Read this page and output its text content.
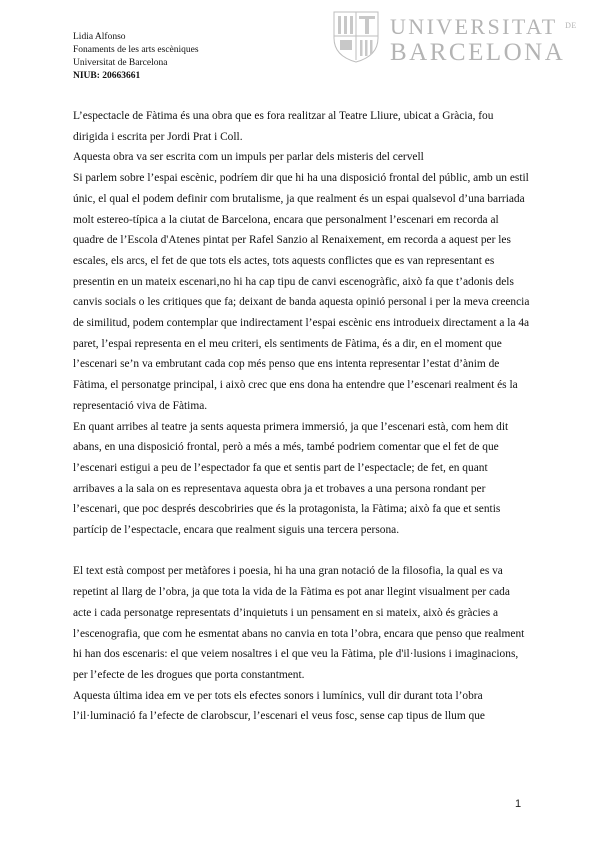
Lidia Alfonso
Fonaments de les arts escèniques
Universitat de Barcelona
NIUB: 20663661
UNIVERSITAT $^{DE}$
BARCELONA

L’espectacle de Fàtima és una obra que es fora realitzar al Teatre Lliure, ubicat a Gràcia, fou dirigida i escrita per Jordi Prat i Coll.

Aquesta obra va ser escrita com un impuls per parlar dels misteris del cervell

Si parlem sobre l’espai escènic, podríem dir que hi ha una disposició frontal del públic, amb un estil únic, el qual el podem definir com brutalisme, ja que realment és un espai qualsevol d’una barriada molt estereo-típica a la ciutat de Barcelona, encara que personalment l’escenari em recorda al quadre de l’Escola d'Atenes pintat per Rafel Sanzio al Renaixement, em recorda a aquest per les escales, els arcs, el fet de que tots els actes, tots aquests conflictes que es van representant es presentin en un mateix escenari,no hi ha cap tipu de canvi escenogràfic, això fa que t’adonis dels canvis socials o les critiques que fa; deixant de banda aquesta opinió personal i per la meva creencia de similitud, podem contemplar que indirectament l’espai escènic ens introdueix directament a la 4a paret, l’espai representa en el meu criteri, els sentiments de Fàtima, és a dir, en el moment que l’escenari se’n va embrutant cada cop més penso que ens intenta representar l’estat d’ànim de Fàtima, el personatge principal, i això crec que ens dona ha entendre que l’escenari realment és la representació viva de Fàtima.

En quant arribes al teatre ja sents aquesta primera immersió, ja que l’escenari està, com hem dit abans, en una disposició frontal, però a més a més, també podriem comentar que el fet de que l’escenari estigui a peu de l’espectador fa que et sentis part de l’espectacle; de fet, en quant arribaves a la sala on es representava aquesta obra ja et trobaves a una persona rondant per l’escenari, que poc després descobriries que és la protagonista, la Fàtima; això fa que et sentis partícip de l’espectacle, encara que realment siguis una tercera persona.

El text està compost per metàfores i poesia, hi ha una gran notació de la filosofia, la qual es va repetint al llarg de l’obra, ja que tota la vida de la Fàtima es pot anar llegint visualment per cada acte i cada personatge representats d’inquietuts i un pensament en si mateix, això és gràcies a l’escenografia, que com he esmentat abans no canvia en tota l’obra, encara que penso que realment hi han dos escenaris: el que veiem nosaltres i el que veu la Fàtima, ple d'il·lusions i imaginacions, per l’efecte de les drogues que porta constantment.

Aquesta última idea em ve per tots els efectes sonors i lumínics, vull dir durant tota l’obra l’il·luminació fa l’efecte de clarobscur, l’escenari el veus fosc, sense cap tipus de llum que

1
